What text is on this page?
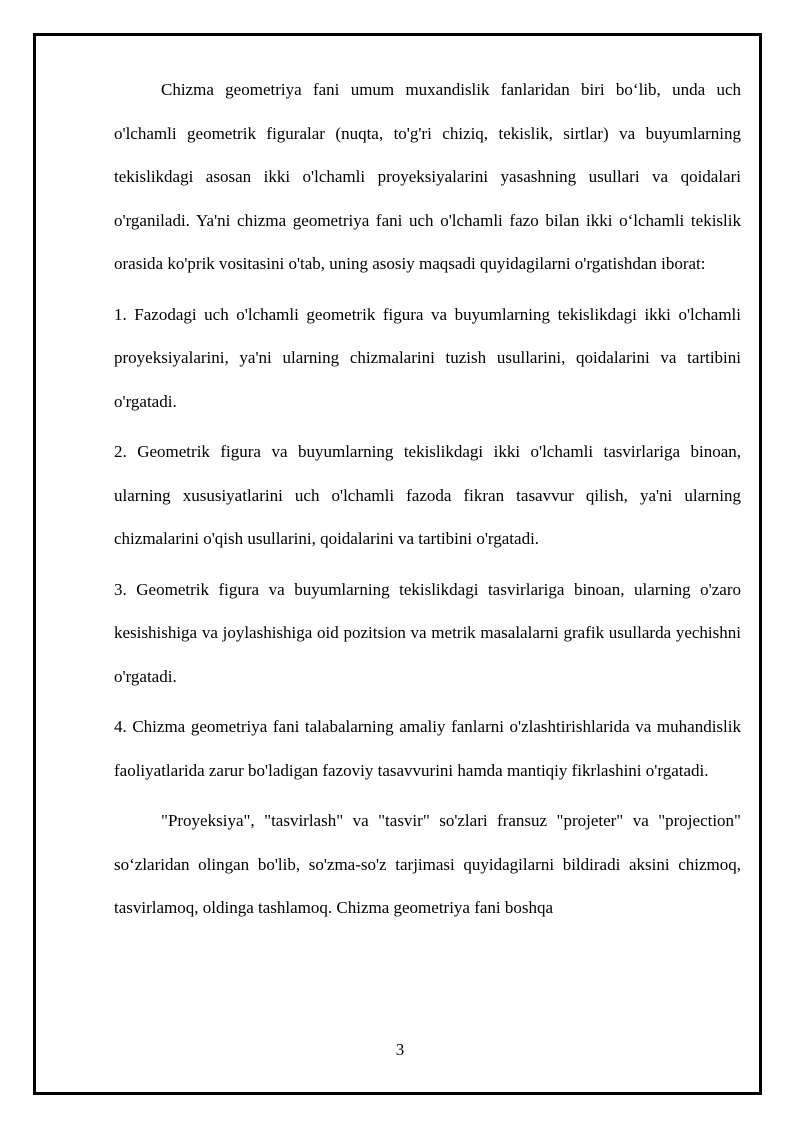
Chizma geometriya fani umum muxandislik fanlaridan biri bo‘lib, unda uch o'lchamli geometrik figuralar (nuqta, to'g'ri chiziq, tekislik, sirtlar) va buyumlarning tekislikdagi asosan ikki o'lchamli proyeksiyalarini yasashning usullari va qoidalari o'rganiladi. Ya'ni chizma geometriya fani uch o'lchamli fazo bilan ikki o‘lchamli tekislik orasida ko'prik vositasini o'tab, uning asosiy maqsadi quyidagilarni o'rgatishdan iborat:

1. Fazodagi uch o'lchamli geometrik figura va buyumlarning tekislikdagi ikki o'lchamli proyeksiyalarini, ya'ni ularning chizmalarini tuzish usullarini, qoidalarini va tartibini o'rgatadi.

2. Geometrik figura va buyumlarning tekislikdagi ikki o'lchamli tasvirlariga binoan, ularning xususiyatlarini uch o'lchamli fazoda fikran tasavvur qilish, ya'ni ularning chizmalarini o'qish usullarini, qoidalarini va tartibini o'rgatadi.

3. Geometrik figura va buyumlarning tekislikdagi tasvirlariga binoan, ularning o'zaro kesishishiga va joylashishiga oid pozitsion va metrik masalalarni grafik usullarda yechishni o'rgatadi.

4. Chizma geometriya fani talabalarning amaliy fanlarni o'zlashtirishlarida va muhandislik faoliyatlarida zarur bo'ladigan fazoviy tasavvurini hamda mantiqiy fikrlashini o'rgatadi.

"Proyeksiya", "tasvirlash" va "tasvir" so'zlari fransuz "projeter" va "projection" so‘zlaridan olingan bo'lib, so'zma-so'z tarjimasi quyidagilarni bildiradi aksini chizmoq, tasvirlamoq, oldinga tashlamoq. Chizma geometriya fani boshqa

3
